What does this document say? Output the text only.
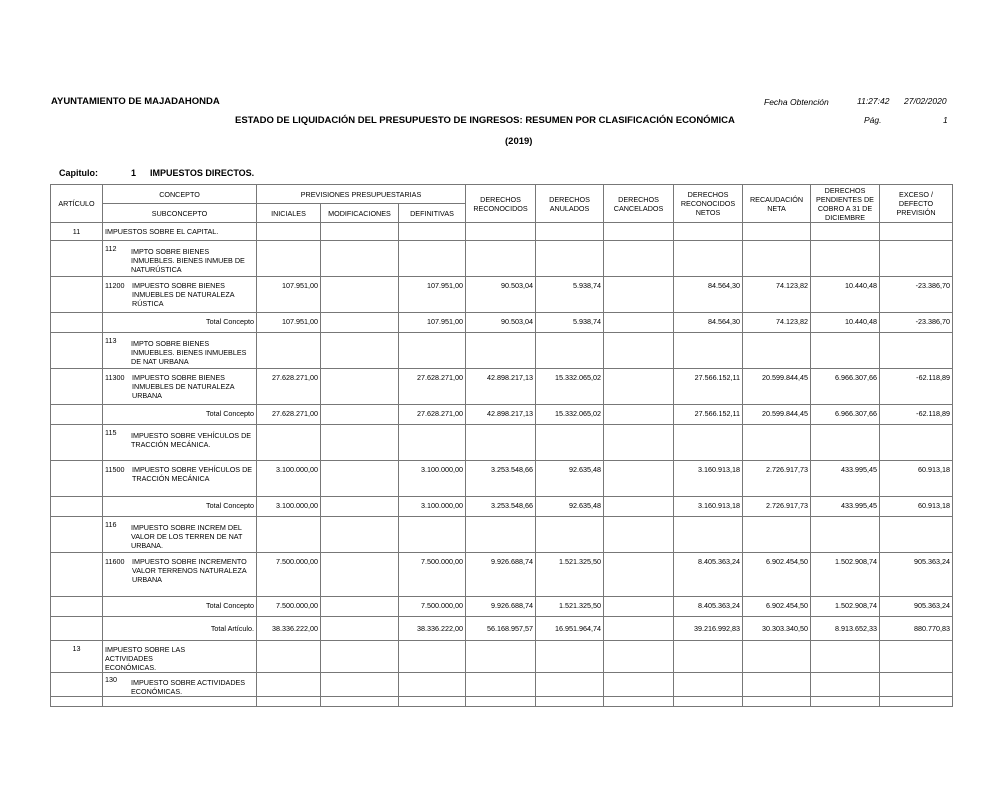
AYUNTAMIENTO DE MAJADAHONDA	Fecha Obtención	11:27:42 27/02/2020
ESTADO DE LIQUIDACIÓN DEL PRESUPUESTO DE INGRESOS: RESUMEN POR CLASIFICACIÓN ECONÓMICA	Pág.	1
(2019)
Capitulo:	1 IMPUESTOS DIRECTOS.
ARTÍCULO	CONCEPTO	PREVISIONES PRESUPUESTARIAS			DERECHOS RECONOCIDOS	DERECHOS ANULADOS	DERECHOS CANCELADOS	DERECHOS RECONOCIDOS NETOS	RECAUDACIÓN NETA	DERECHOS PENDIENTES DE COBRO A 31 DE DICIEMBRE	EXCESO / DEFECTO PREVISIÓN
	SUBCONCEPTO	INICIALES	MODIFICACIONES	DEFINITIVAS							
11	IMPUESTOS SOBRE EL CAPITAL.										

	112 IMPTO SOBRE BIENES INMUEBLES. BIENES INMUEB DE NATURÚSTICA										

	11200 IMPUESTO SOBRE BIENES INMUEBLES DE NATURALEZA RÚSTICA	107.951,00		107.951,00	90.503,04	5.938,74		84.564,30	74.123,82	10.440,48	-23.386,70
	Total Concepto	107.951,00		107.951,00	90.503,04	5.938,74		84.564,30	74.123,82	10.440,48	-23.386,70

	113 IMPTO SOBRE BIENES INMUEBLES. BIENES INMUEBLES DE NAT URBANA										

	11300 IMPUESTO SOBRE BIENES INMUEBLES DE NATURALEZA URBANA	27.628.271,00		27.628.271,00	42.898.217,13	15.332.065,02		27.566.152,11	20.599.844,45	6.966.307,66	-62.118,89
	Total Concepto	27.628.271,00		27.628.271,00	42.898.217,13	15.332.065,02		27.566.152,11	20.599.844,45	6.966.307,66	-62.118,89

	115 IMPUESTO SOBRE VEHÍCULOS DE TRACCIÓN MECÁNICA.										

	11500 IMPUESTO SOBRE VEHÍCULOS DE TRACCIÓN MECÁNICA	3.100.000,00		3.100.000,00	3.253.548,66	92.635,48		3.160.913,18	2.726.917,73	433.995,45	60.913,18
	Total Concepto	3.100.000,00		3.100.000,00	3.253.548,66	92.635,48		3.160.913,18	2.726.917,73	433.995,45	60.913,18

	116 IMPUESTO SOBRE INCREM DEL VALOR DE LOS TERREN DE NAT URBANA.										

	11600 IMPUESTO SOBRE INCREMENTO VALOR TERRENOS NATURALEZA URBANA	7.500.000,00		7.500.000,00	9.926.688,74	1.521.325,50		8.405.363,24	6.902.454,50	1.502.908,74	905.363,24
	Total Concepto	7.500.000,00		7.500.000,00	9.926.688,74	1.521.325,50		8.405.363,24	6.902.454,50	1.502.908,74	905.363,24
	Total Artículo.	38.336.222,00		38.336.222,00	56.168.957,57	16.951.964,74		39.216.992,83	30.303.340,50	8.913.652,33	880.770,83
13	IMPUESTO SOBRE LAS ACTIVIDADES ECONÓMICAS.										

	130 IMPUESTO SOBRE ACTIVIDADES ECONÓMICAS.										
